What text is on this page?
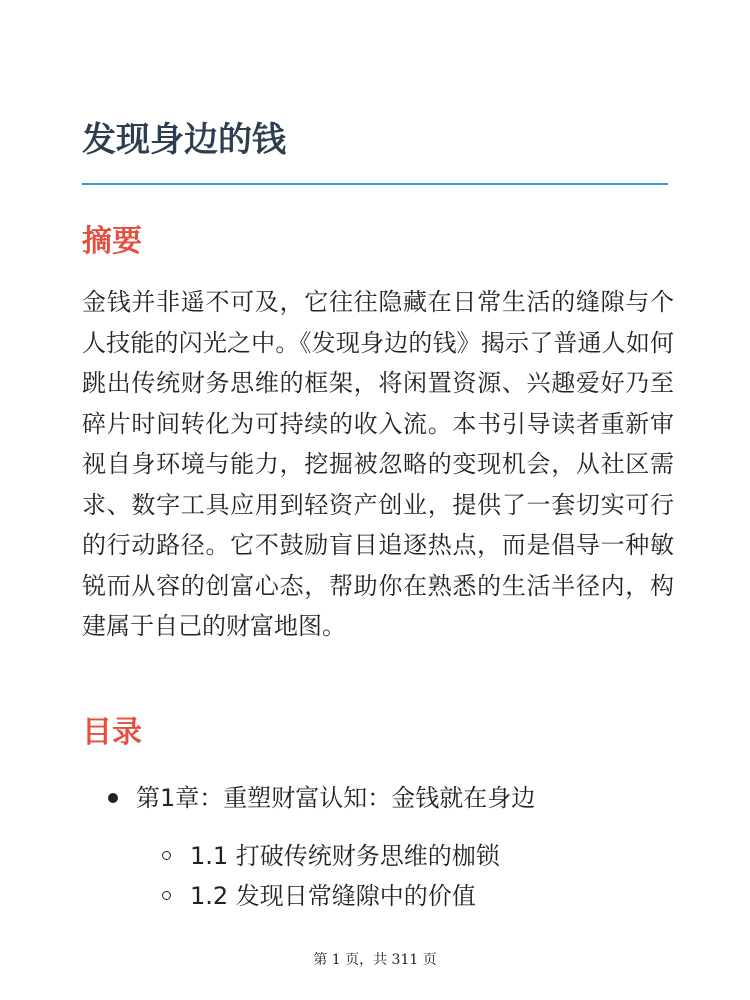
发现身边的钱
摘要

金钱并非遥不可及，它往往隐藏在日常生活的缝隙与个人技能的闪光之中。《发现身边的钱》揭示了普通人如何跳出传统财务思维的框架，将闲置资源、兴趣爱好乃至碎片时间转化为可持续的收入流。本书引导读者重新审视自身环境与能力，挖掘被忽略的变现机会，从社区需求、数字工具应用到轻资产创业，提供了一套切实可行的行动路径。它不鼓励盲目追逐热点，而是倡导一种敏锐而从容的创富心态，帮助你在熟悉的生活半径内，构建属于自己的财富地图。

目录
第1章：重塑财富认知：金钱就在身边
1.1 打破传统财务思维的枷锁
1.2 发现日常缝隙中的价值
第 1 页，共 311 页
